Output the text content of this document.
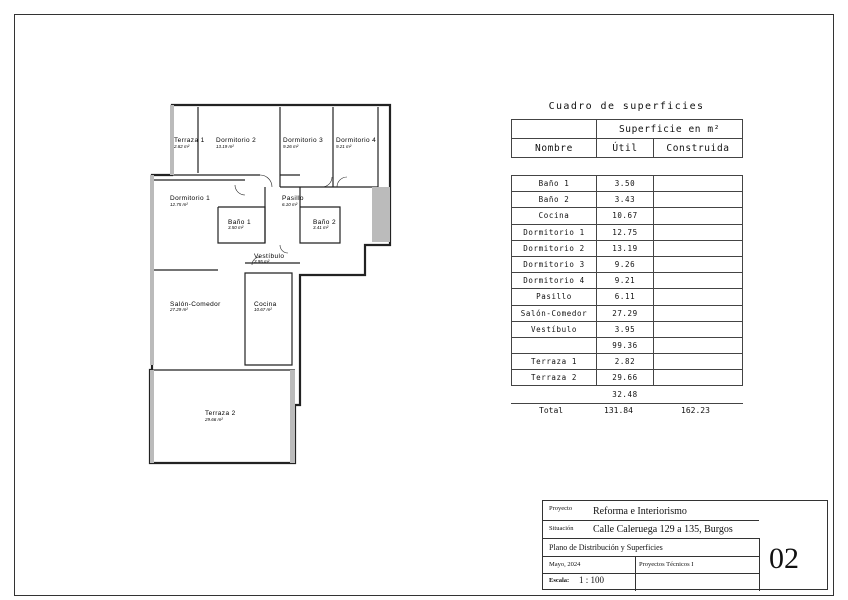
Terraza 1
2.82 m²
Dormitorio 2
13.19 m²
Dormitorio 3
9.26 m²
Dormitorio 4
9.21 m²
Dormitorio 1
12.75 m²
Pasillo
6.10 m²
Baño 1
3.50 m²
Baño 2
3.41 m²
Vestíbulo
3.95 m²
Salón-Comedor
27.29 m²
Cocina
10.67 m²
Terraza 2
29.66 m²
Cuadro de superficies
	Superficie en m²	
Nombre	Útil	Construida
Baño 1	3.50	
Baño 2	3.43	
Cocina	10.67	
Dormitorio 1	12.75	
Dormitorio 2	13.19	
Dormitorio 3	9.26	
Dormitorio 4	9.21	
Pasillo	6.11	
Salón-Comedor	27.29	
Vestíbulo	3.95	
	99.36	
Terraza 1	2.82	
Terraza 2	29.66	
	32.48	
Total	131.84	162.23
Proyecto Reforma e Interiorismo
Situación Calle Caleruega 129 a 135, Burgos
Plano de Distribución y Superficies
Mayo, 2024	Proyectos Técnicos I
Escala: 1 : 100
02
